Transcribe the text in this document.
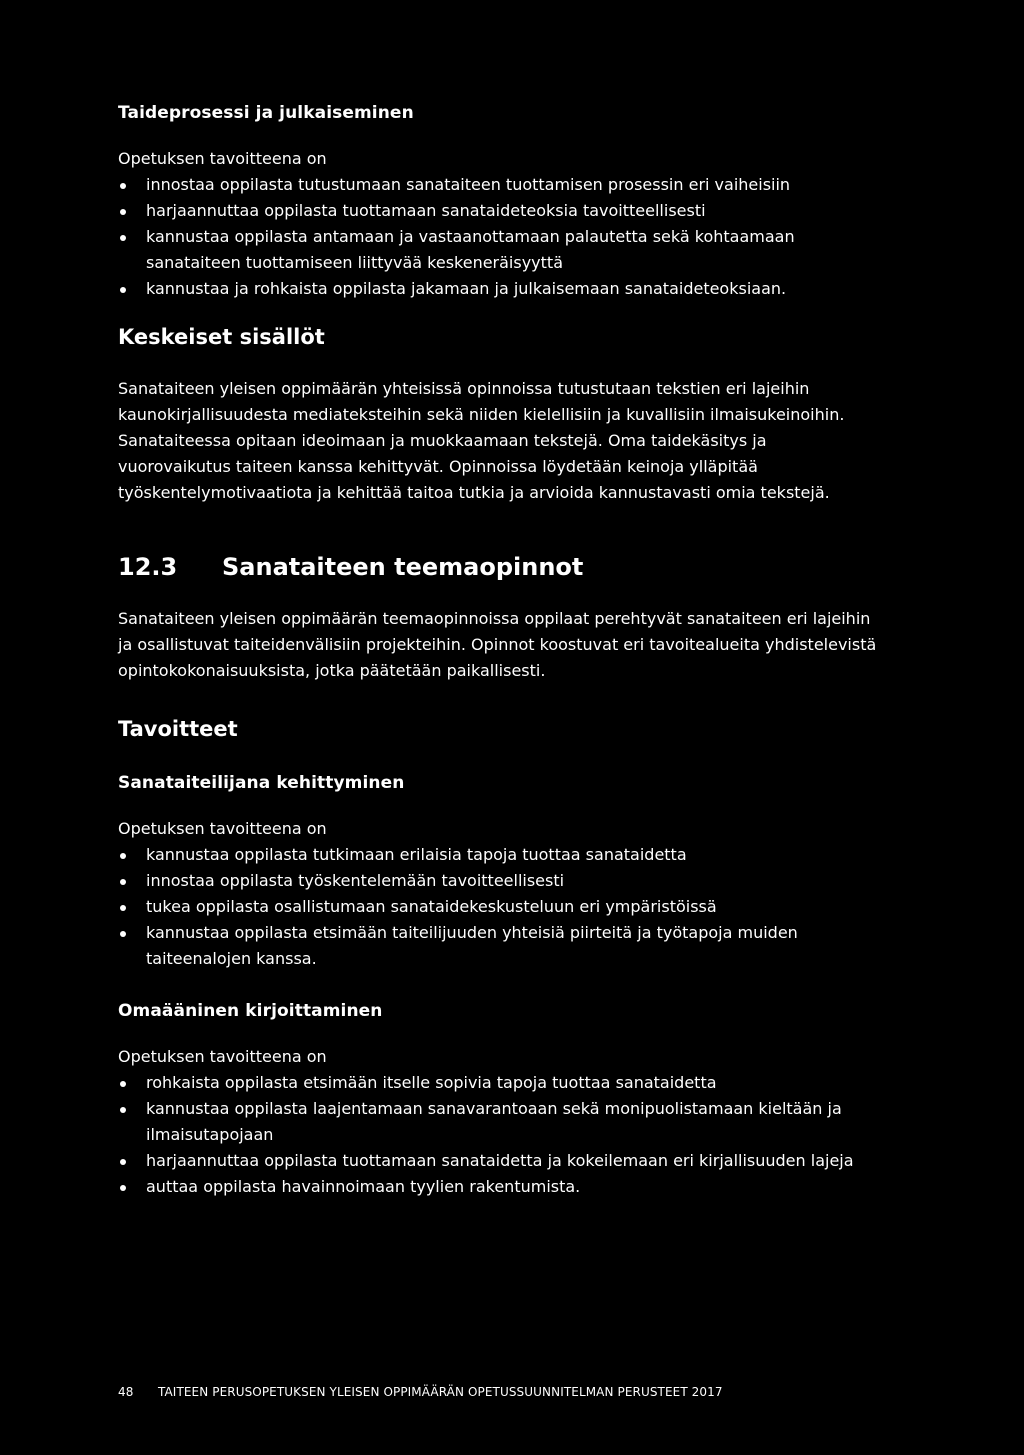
Taideprosessi ja julkaiseminen

Opetuksen tavoitteena on

innostaa oppilasta tutustumaan sanataiteen tuottamisen prosessin eri vaiheisiin
harjaannuttaa oppilasta tuottamaan sanataideteoksia tavoitteellisesti
kannustaa oppilasta antamaan ja vastaanottamaan palautetta sekä kohtaamaan sanataiteen tuottamiseen liittyvää keskeneräisyyttä
kannustaa ja rohkaista oppilasta jakamaan ja julkaisemaan sanataideteoksiaan.
Keskeiset sisällöt

Sanataiteen yleisen oppimäärän yhteisissä opinnoissa tutustutaan tekstien eri lajeihin kaunokirjallisuudesta mediateksteihin sekä niiden kielellisiin ja kuvallisiin ilmaisukeinoihin. Sanataiteessa opitaan ideoimaan ja muokkaamaan tekstejä. Oma taidekäsitys ja vuorovaikutus taiteen kanssa kehittyvät. Opinnoissa löydetään keinoja ylläpitää työskentelymotivaatiota ja kehittää taitoa tutkia ja arvioida kannustavasti omia tekstejä.

12.3	Sanataiteen teemaopinnot

Sanataiteen yleisen oppimäärän teemaopinnoissa oppilaat perehtyvät sanataiteen eri lajeihin ja osallistuvat taiteidenvälisiin projekteihin. Opinnot koostuvat eri tavoitealueita yhdistelevistä opintokokonaisuuksista, jotka päätetään paikallisesti.

Tavoitteet
Sanataiteilijana kehittyminen

Opetuksen tavoitteena on

kannustaa oppilasta tutkimaan erilaisia tapoja tuottaa sanataidetta
innostaa oppilasta työskentelemään tavoitteellisesti
tukea oppilasta osallistumaan sanataidekeskusteluun eri ympäristöissä
kannustaa oppilasta etsimään taiteilijuuden yhteisiä piirteitä ja työtapoja muiden taiteenalojen kanssa.
Omaääninen kirjoittaminen

Opetuksen tavoitteena on

rohkaista oppilasta etsimään itselle sopivia tapoja tuottaa sanataidetta
kannustaa oppilasta laajentamaan sanavarantoaan sekä monipuolistamaan kieltään ja ilmaisutapojaan
harjaannuttaa oppilasta tuottamaan sanataidetta ja kokeilemaan eri kirjallisuuden lajeja
auttaa oppilasta havainnoimaan tyylien rakentumista.
48	TAITEEN PERUSOPETUKSEN YLEISEN OPPIMÄÄRÄN OPETUSSUUNNITELMAN PERUSTEET 2017
